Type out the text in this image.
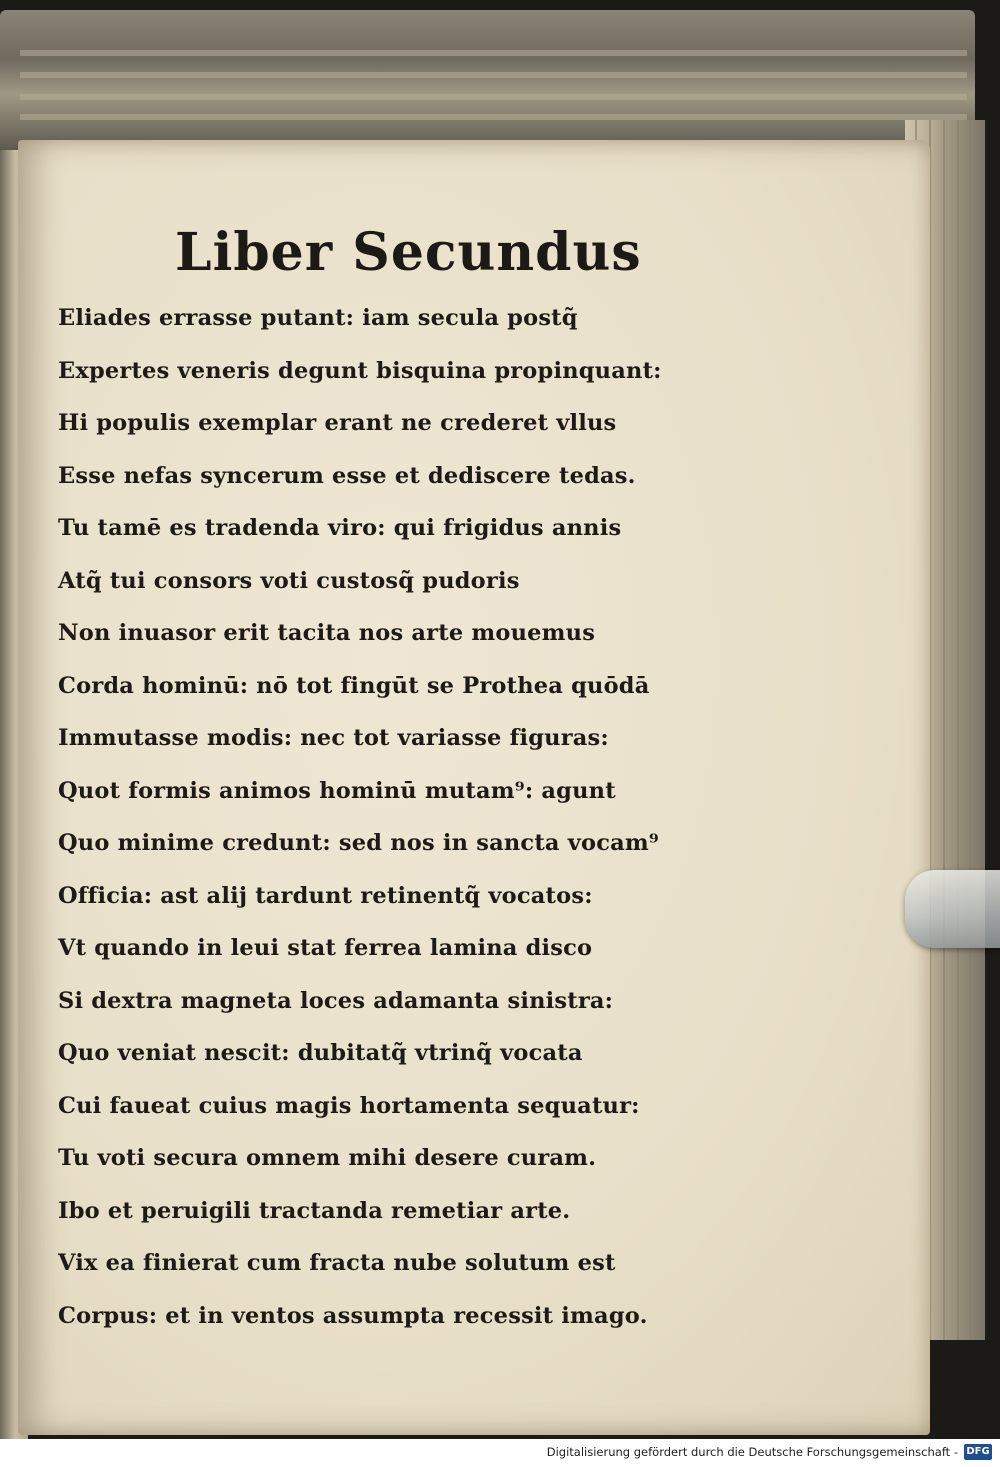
Liber Secundus
Eliades errasse putant: iam secula postq̃
Expertes veneris degunt bisquina propinquant:
Hi populis exemplar erant ne crederet vllus
Esse nefas syncerum esse et dediscere tedas.
Tu tamē es tradenda viro: qui frigidus annis
Atq̃ tui consors voti custosq̃ pudoris
Non inuasor erit tacita nos arte mouemus
Corda hominū: nō tot fingūt se Prothea quōdā
Immutasse modis: nec tot variasse figuras:
Quot formis animos hominū mutam⁹: agunt
Quo minime credunt: sed nos in sancta vocam⁹
Officia: ast alij tardunt retinentq̃ vocatos:
Vt quando in leui stat ferrea lamina disco
Si dextra magneta loces adamanta sinistra:
Quo veniat nescit: dubitatq̃ vtrinq̃ vocata
Cui faueat cuius magis hortamenta sequatur:
Tu voti secura omnem mihi desere curam.
Ibo et peruigili tractanda remetiar arte.
Vix ea finierat cum fracta nube solutum est
Corpus: et in ventos assumpta recessit imago.
Digitalisierung gefördert durch die Deutsche Forschungsgemeinschaft - DFG
